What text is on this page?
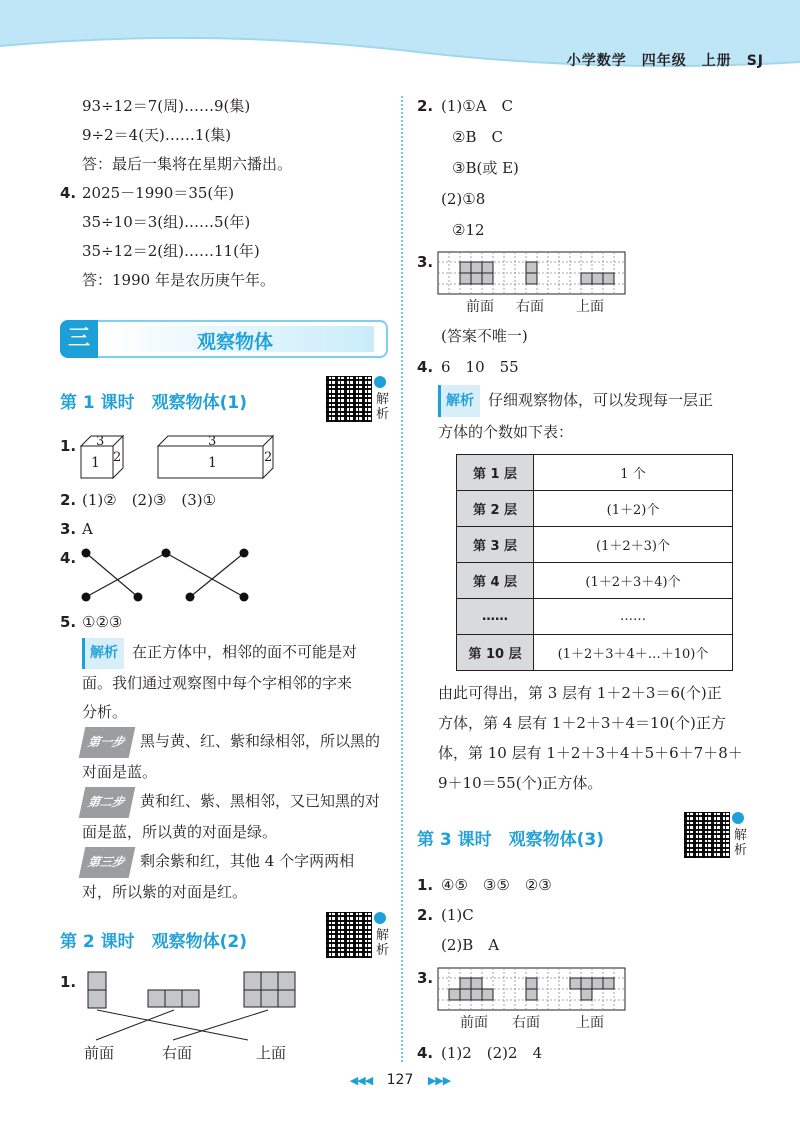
小学数学　四年级　上册　SJ
93÷12＝7(周)……9(集)
9÷2＝4(天)……1(集)
答：最后一集将在星期六播出。
4. 2025－1990＝35(年)
35÷10＝3(组)……5(年)
35÷12＝2(组)……11(年)
答：1990 年是农历庚午年。
三	观察物体
第 1 课时　观察物体(1)	解析
1. 3
1 2
3
1	2
2. (1)②　(2)③　(3)①
3. A
4.
5. ①②③
解析 在正方体中，相邻的面不可能是对
面。我们通过观察图中每个字相邻的字来
分析。
第一步 黑与黄、红、紫和绿相邻，所以黑的
对面是蓝。
第二步 黄和红、紫、黑相邻，又已知黑的对
面是蓝，所以黄的对面是绿。
第三步 剩余紫和红，其他 4 个字两两相
对，所以紫的对面是红。
第 2 课时　观察物体(2)	解析
1.
前面	右面	上面
2. (1)①A　C
②B　C
③B(或 E)
(2)①8
②12
3.
前面 右面 上面
(答案不唯一)
4. 6　10　55
解析 仔细观察物体，可以发现每一层正
方体的个数如下表：
第 1 层	1 个
第 2 层	(1＋2)个
第 3 层	(1＋2＋3)个
第 4 层	(1＋2＋3＋4)个
……	……
第 10 层	(1＋2＋3＋4＋…＋10)个
由此可得出，第 3 层有 1＋2＋3＝6(个)正
方体，第 4 层有 1＋2＋3＋4＝10(个)正方
体，第 10 层有 1＋2＋3＋4＋5＋6＋7＋8＋
9＋10＝55(个)正方体。
第 3 课时　观察物体(3)	解析
1. ④⑤　③⑤　②③
2. (1)C
(2)B　A
3.
前面 右面	上面
4. (1)2　(2)2　4
◀◀◀ 127 ▶▶▶
